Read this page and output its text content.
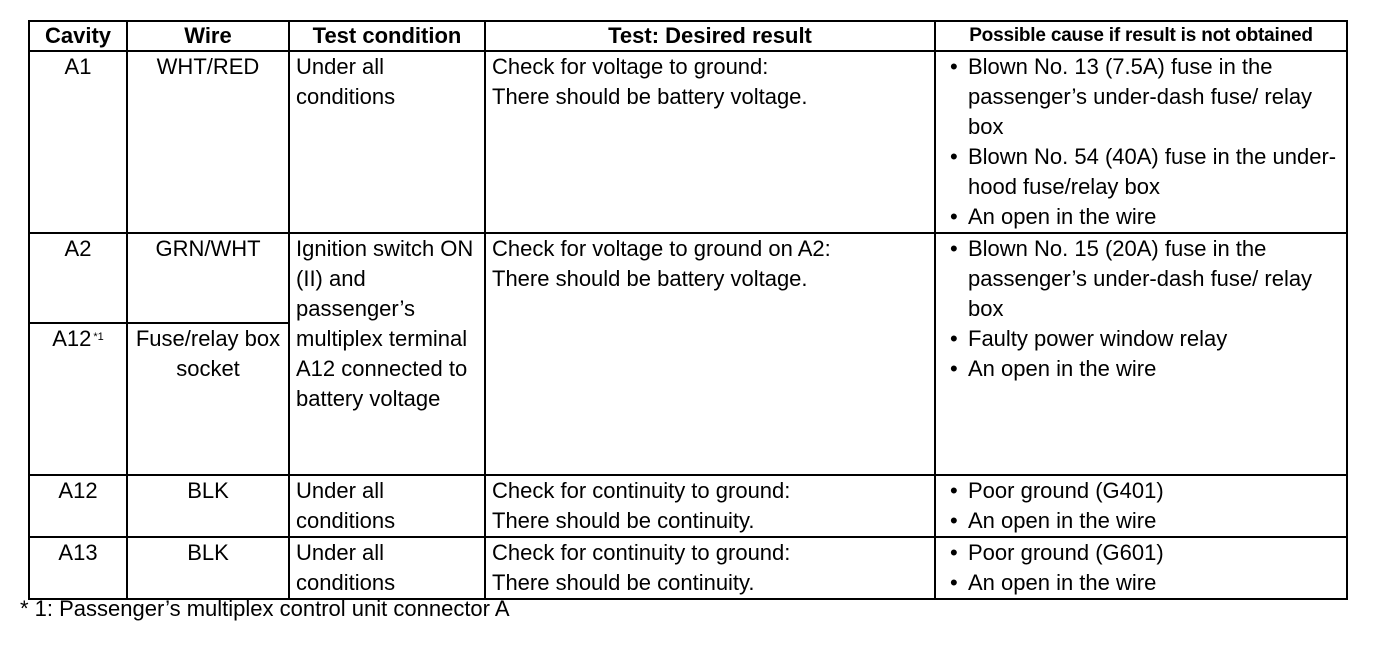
Cavity	Wire	Test condition	Test: Desired result	Possible cause if result is not obtained
A1	WHT/RED	Under all conditions	Check for voltage to ground:
There should be battery voltage.	• Blown No. 13 (7.5A) fuse in the passenger’s under-dash fuse/ relay box
• Blown No. 54 (40A) fuse in the under-hood fuse/relay box
• An open in the wire

A2	GRN/WHT	Ignition switch ON (II) and passenger’s multiplex terminal A12 connected to battery voltage	Check for voltage to ground on A2:
There should be battery voltage.	• Blown No. 15 (20A) fuse in the passenger’s under-dash fuse/ relay box
• Faulty power window relay
• An open in the wire

A12 $^{*1}$	Fuse/relay box socket			
A12	BLK	Under all conditions	Check for continuity to ground:
There should be continuity.	• Poor ground (G401)
• An open in the wire

A13	BLK	Under all conditions	Check for continuity to ground:
There should be continuity.	• Poor ground (G601)
• An open in the wire
* 1: Passenger’s multiplex control unit connector A
